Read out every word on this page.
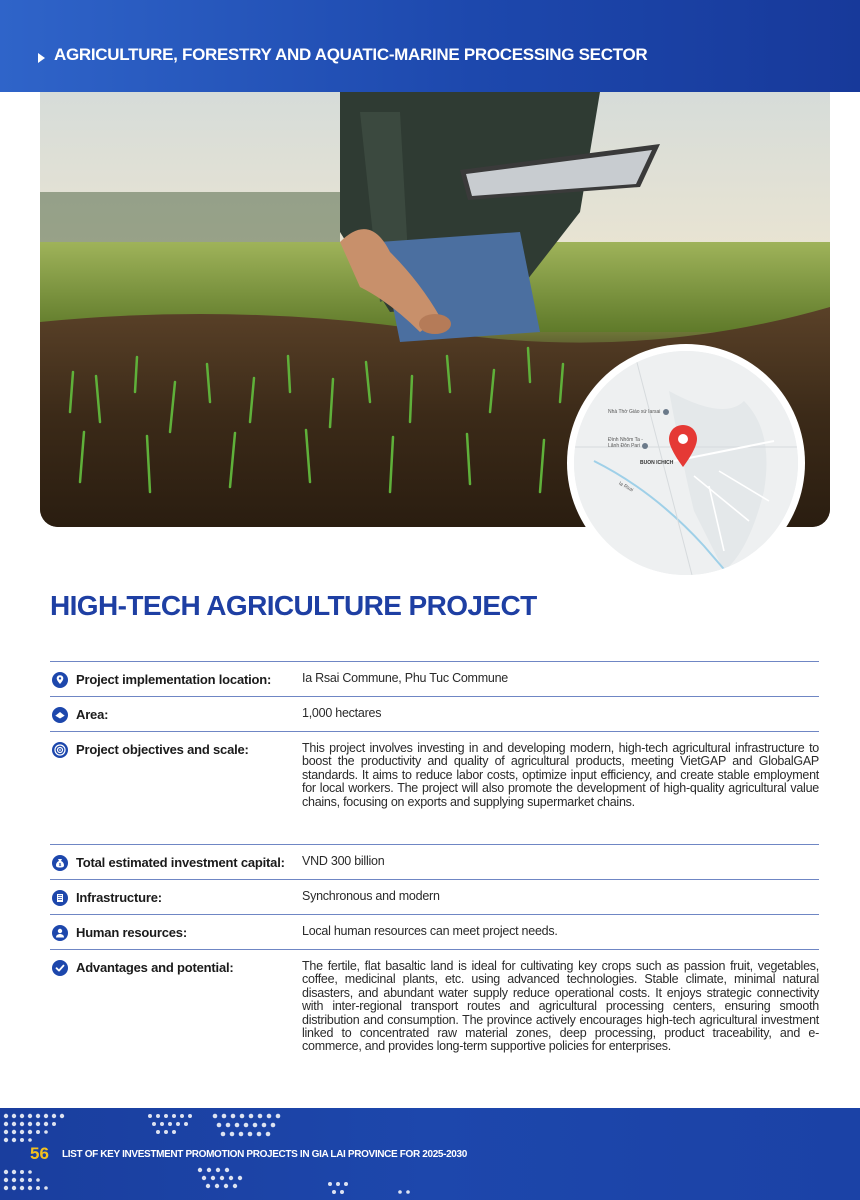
AGRICULTURE, FORESTRY AND AQUATIC-MARINE PROCESSING SECTOR
Nhà Thờ Giáo xứ Iarsai
Đình Nhôm Ta - Lãnh Đôn Pari
BUON ICHICH
Ia Rsai
HIGH-TECH AGRICULTURE PROJECT
Project implementation location:	Ia Rsai Commune, Phu Tuc Commune
Area:	1,000 hectares
Project objectives and scale:	This project involves investing in and developing modern, high-tech agricultural infrastructure to boost the productivity and quality of agricultural products, meeting VietGAP and GlobalGAP standards. It aims to reduce labor costs, optimize input efficiency, and create stable employment for local workers. The project will also promote the development of high-quality agricultural value chains, focusing on exports and supplying supermarket chains.
$ Total estimated investment capital:	VND 300 billion
Infrastructure:	Synchronous and modern
Human resources:	Local human resources can meet project needs.
Advantages and potential:	The fertile, flat basaltic land is ideal for cultivating key crops such as passion fruit, vegetables, coffee, medicinal plants, etc. using advanced technologies. Stable climate, minimal natural disasters, and abundant water supply reduce operational costs. It enjoys strategic connectivity with inter-regional transport routes and agricultural processing centers, ensuring smooth distribution and consumption. The province actively encourages high-tech agricultural investment linked to concentrated raw material zones, deep processing, product traceability, and e-commerce, and provides long-term supportive policies for enterprises.
56 LIST OF KEY INVESTMENT PROMOTION PROJECTS IN GIA LAI PROVINCE FOR 2025-2030
